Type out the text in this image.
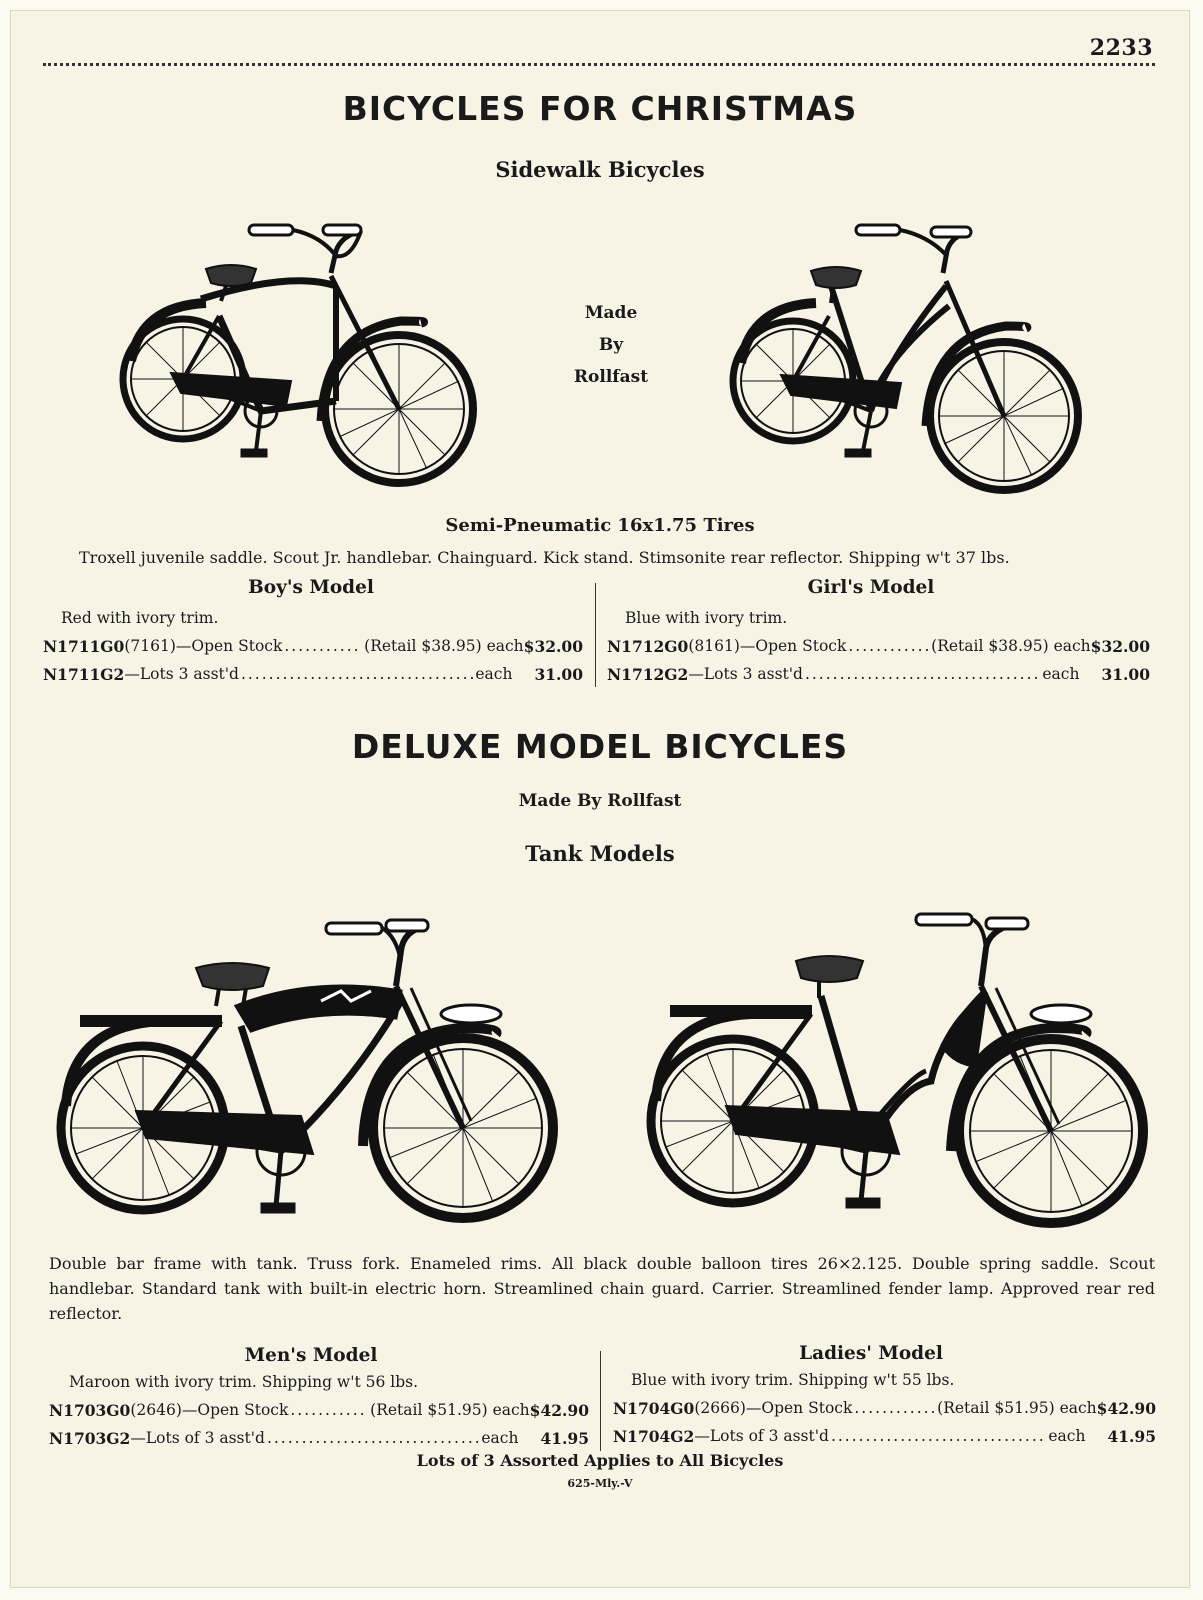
2233
BICYCLES FOR CHRISTMAS
Sidewalk Bicycles
Made
By
Rollfast
Semi-Pneumatic 16x1.75 Tires
Troxell juvenile saddle. Scout Jr. handlebar. Chainguard. Kick stand. Stimsonite rear reflector. Shipping w't 37 lbs.
Boy's Model
Red with ivory trim.
N1711G0 (7161)—Open Stock .....	(Retail $38.95) each $32.00
N1711G2 —Lots 3 asst'd .....	each 31.00
Girl's Model
Blue with ivory trim.
N1712G0 (8161)—Open Stock .....	(Retail $38.95) each $32.00
N1712G2 —Lots 3 asst'd .....	each 31.00
DELUXE MODEL BICYCLES
Made By Rollfast
Tank Models
Double bar frame with tank. Truss fork. Enameled rims. All black double balloon tires 26×2.125. Double spring saddle. Scout handlebar. Standard tank with built-in electric horn. Streamlined chain guard. Carrier. Streamlined fender lamp. Approved rear red reflector.
Men's Model
Maroon with ivory trim. Shipping w't 56 lbs.
N1703G0 (2646)—Open Stock .....	(Retail $51.95) each $42.90
N1703G2 —Lots of 3 asst'd .....	each 41.95
Ladies' Model
Blue with ivory trim. Shipping w't 55 lbs.
N1704G0 (2666)—Open Stock .....	(Retail $51.95) each $42.90
N1704G2 —Lots of 3 asst'd .....	each 41.95
Lots of 3 Assorted Applies to All Bicycles
625-Mly.-V
